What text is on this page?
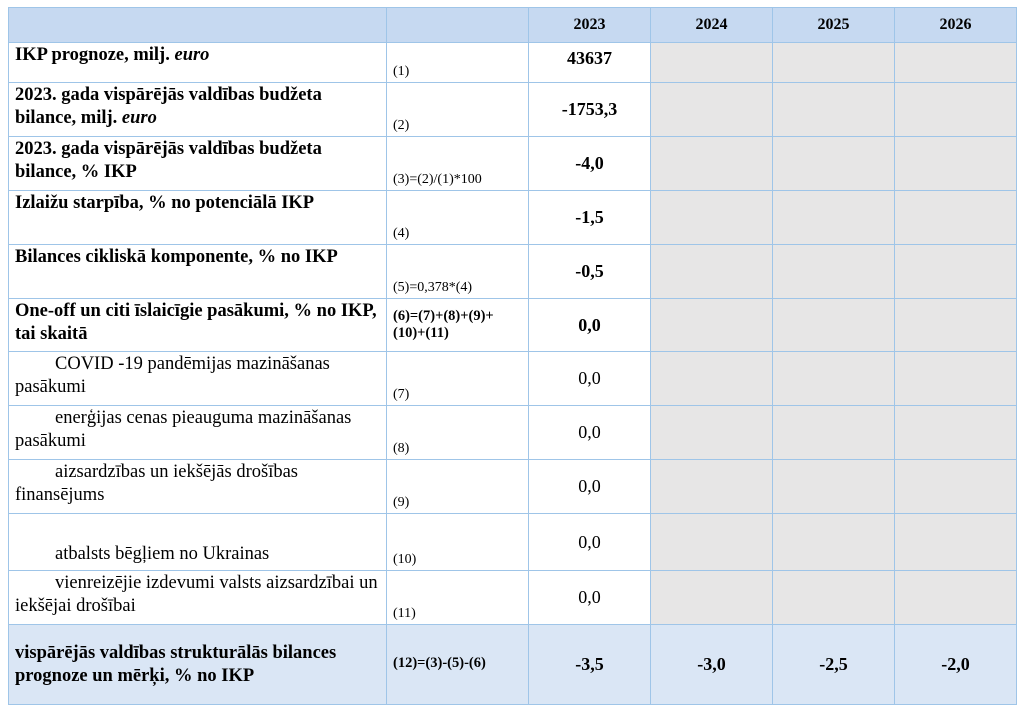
		2023	2024	2025	2026
IKP prognoze, milj. euro	(1)	43637			
2023. gada vispārējās valdības budžeta bilance, milj. euro	(2)	-1753,3			
2023. gada vispārējās valdības budžeta bilance, % IKP	(3)=(2)/(1)*100	-4,0			
Izlaižu starpība, % no potenciālā IKP	(4)	-1,5			
Bilances cikliskā komponente, % no IKP	(5)=0,378*(4)	-0,5			
One-off un citi īslaicīgie pasākumi, % no IKP, tai skaitā	(6)=(7)+(8)+(9)+(10)+(11)	0,0			
COVID -19 pandēmijas mazināšanas pasākumi	(7)	0,0			
enerģijas cenas pieauguma mazināšanas pasākumi	(8)	0,0			
aizsardzības un iekšējās drošības finansējums	(9)	0,0			
atbalsts bēgļiem no Ukrainas	(10)	0,0			
vienreizējie izdevumi valsts aizsardzībai un iekšējai drošībai	(11)	0,0			
vispārējās valdības strukturālās bilances prognoze un mērķi, % no IKP	(12)=(3)-(5)-(6)	-3,5	-3,0	-2,5	-2,0
